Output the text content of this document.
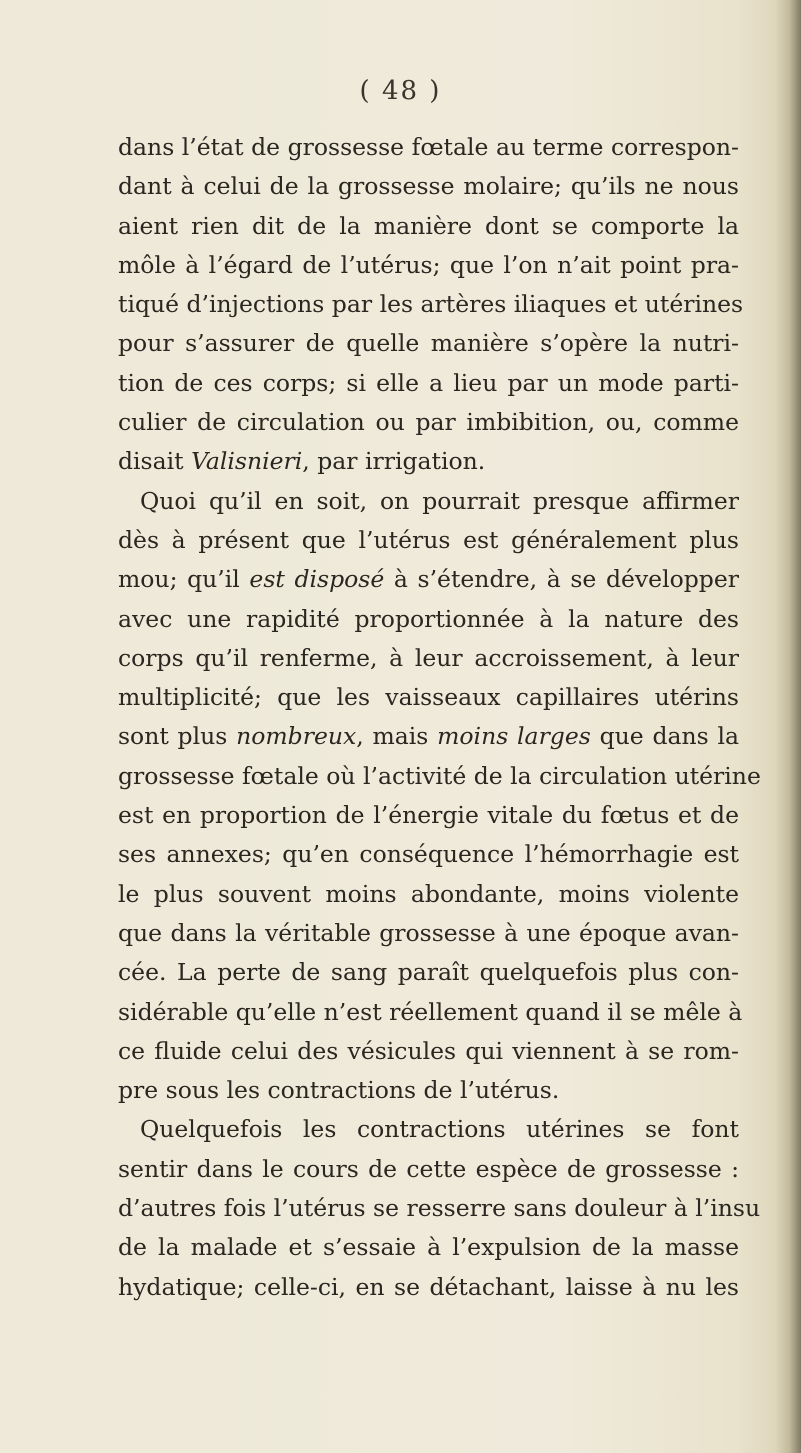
( 48 )
dans l’état de grossesse fœtale au terme correspon-
dant à celui de la grossesse molaire; qu’ils ne nous
aient rien dit de la manière dont se comporte la
môle à l’égard de l’utérus; que l’on n’ait point pra-
tiqué d’injections par les artères iliaques et utérines
pour s’assurer de quelle manière s’opère la nutri-
tion de ces corps; si elle a lieu par un mode parti-
culier de circulation ou par imbibition, ou, comme
disait Valisnieri, par irrigation.
Quoi qu’il en soit, on pourrait presque affirmer
dès à présent que l’utérus est généralement plus
mou; qu’il est disposé à s’étendre, à se développer
avec une rapidité proportionnée à la nature des
corps qu’il renferme, à leur accroissement, à leur
multiplicité; que les vaisseaux capillaires utérins
sont plus nombreux, mais moins larges que dans la
grossesse fœtale où l’activité de la circulation utérine
est en proportion de l’énergie vitale du fœtus et de
ses annexes; qu’en conséquence l’hémorrhagie est
le plus souvent moins abondante, moins violente
que dans la véritable grossesse à une époque avan-
cée. La perte de sang paraît quelquefois plus con-
sidérable qu’elle n’est réellement quand il se mêle à
ce fluide celui des vésicules qui viennent à se rom-
pre sous les contractions de l’utérus.
Quelquefois les contractions utérines se font
sentir dans le cours de cette espèce de grossesse :
d’autres fois l’utérus se resserre sans douleur à l’insu
de la malade et s’essaie à l’expulsion de la masse
hydatique; celle-ci, en se détachant, laisse à nu les
